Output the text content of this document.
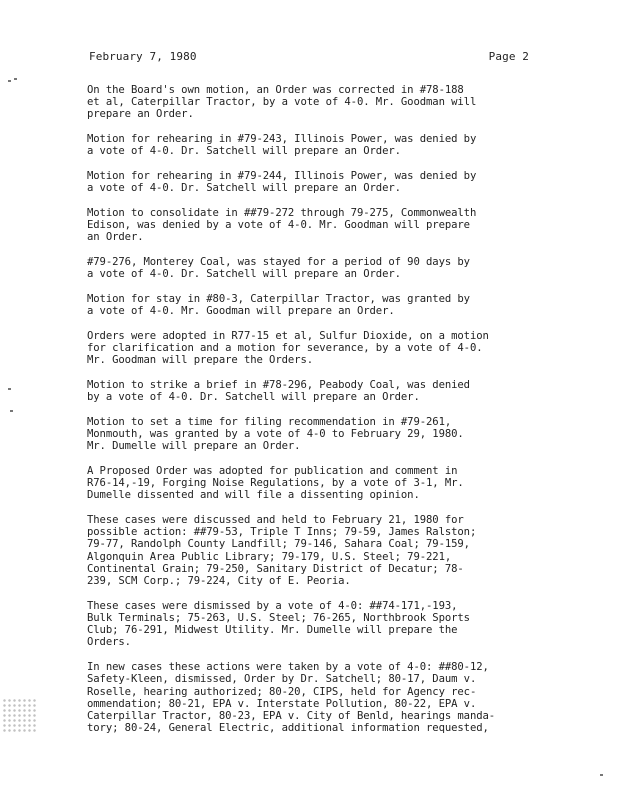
February 7, 1980	Page 2

On the Board's own motion, an Order was corrected in #78-188
et al, Caterpillar Tractor, by a vote of 4-0. Mr. Goodman will
prepare an Order.

Motion for rehearing in #79-243, Illinois Power, was denied by
a vote of 4-0. Dr. Satchell will prepare an Order.

Motion for rehearing in #79-244, Illinois Power, was denied by
a vote of 4-0. Dr. Satchell will prepare an Order.

Motion to consolidate in ##79-272 through 79-275, Commonwealth
Edison, was denied by a vote of 4-0. Mr. Goodman will prepare
an Order.

#79-276, Monterey Coal, was stayed for a period of 90 days by
a vote of 4-0. Dr. Satchell will prepare an Order.

Motion for stay in #80-3, Caterpillar Tractor, was granted by
a vote of 4-0. Mr. Goodman will prepare an Order.

Orders were adopted in R77-15 et al, Sulfur Dioxide, on a motion
for clarification and a motion for severance, by a vote of 4-0.
Mr. Goodman will prepare the Orders.

Motion to strike a brief in #78-296, Peabody Coal, was denied
by a vote of 4-0. Dr. Satchell will prepare an Order.

Motion to set a time for filing recommendation in #79-261,
Monmouth, was granted by a vote of 4-0 to February 29, 1980.
Mr. Dumelle will prepare an Order.

A Proposed Order was adopted for publication and comment in
R76-14,-19, Forging Noise Regulations, by a vote of 3-1, Mr.
Dumelle dissented and will file a dissenting opinion.

These cases were discussed and held to February 21, 1980 for
possible action: ##79-53, Triple T Inns; 79-59, James Ralston;
79-77, Randolph County Landfill; 79-146, Sahara Coal; 79-159,
Algonquin Area Public Library; 79-179, U.S. Steel; 79-221,
Continental Grain; 79-250, Sanitary District of Decatur; 78-
239, SCM Corp.; 79-224, City of E. Peoria.

These cases were dismissed by a vote of 4-0: ##74-171,-193,
Bulk Terminals; 75-263, U.S. Steel; 76-265, Northbrook Sports
Club; 76-291, Midwest Utility. Mr. Dumelle will prepare the
Orders.

In new cases these actions were taken by a vote of 4-0: ##80-12,
Safety-Kleen, dismissed, Order by Dr. Satchell; 80-17, Daum v.
Roselle, hearing authorized; 80-20, CIPS, held for Agency rec-
ommendation; 80-21, EPA v. Interstate Pollution, 80-22, EPA v.
Caterpillar Tractor, 80-23, EPA v. City of Benld, hearings manda-
tory; 80-24, General Electric, additional information requested,
